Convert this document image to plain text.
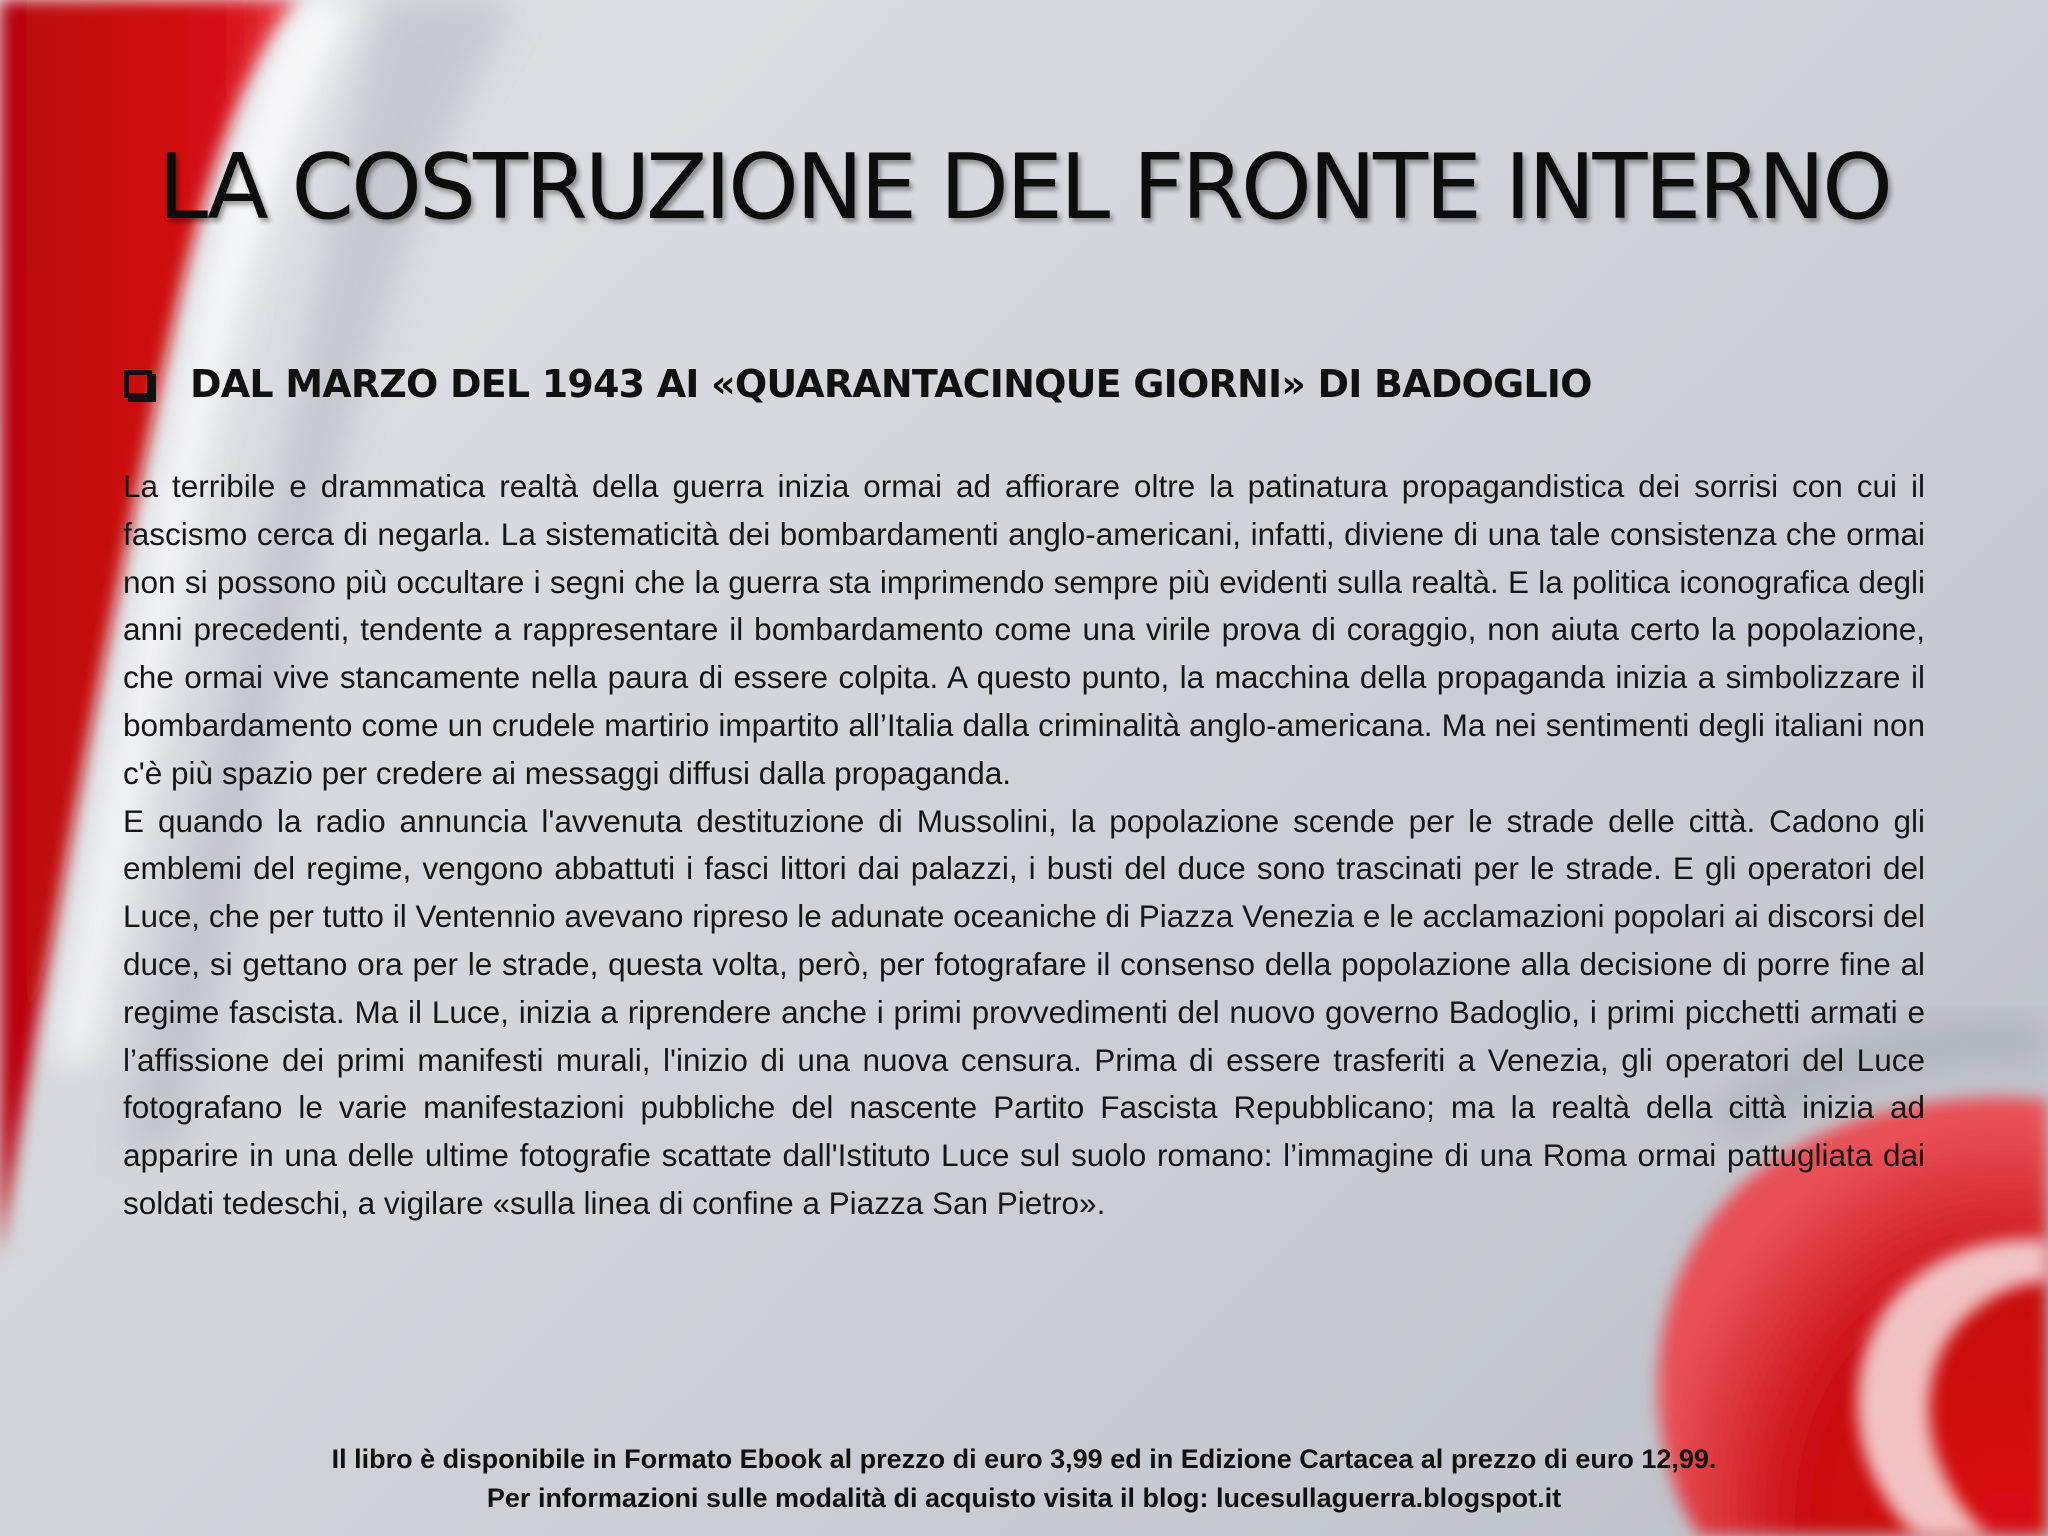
LA COSTRUZIONE DEL FRONTE INTERNO
DAL MARZO DEL 1943 AI «QUARANTACINQUE GIORNI» DI BADOGLIO

La terribile e drammatica realtà della guerra inizia ormai ad affiorare oltre la patinatura propagandistica dei sorrisi con cui il fascismo cerca di negarla. La sistematicità dei bombardamenti anglo-americani, infatti, diviene di una tale consistenza che ormai non si possono più occultare i segni che la guerra sta imprimendo sempre più evidenti sulla realtà. E la politica iconografica degli anni precedenti, tendente a rappresentare il bombardamento come una virile prova di coraggio, non aiuta certo la popolazione, che ormai vive stancamente nella paura di essere colpita. A questo punto, la macchina della propaganda inizia a simbolizzare il bombardamento come un crudele martirio impartito all’Italia dalla criminalità anglo-americana. Ma nei sentimenti degli italiani non c'è più spazio per credere ai messaggi diffusi dalla propaganda.

E quando la radio annuncia l'avvenuta destituzione di Mussolini, la popolazione scende per le strade delle città. Cadono gli emblemi del regime, vengono abbattuti i fasci littori dai palazzi, i busti del duce sono trascinati per le strade. E gli operatori del Luce, che per tutto il Ventennio avevano ripreso le adunate oceaniche di Piazza Venezia e le acclamazioni popolari ai discorsi del duce, si gettano ora per le strade, questa volta, però, per fotografare il consenso della popolazione alla decisione di porre fine al regime fascista. Ma il Luce, inizia a riprendere anche i primi provvedimenti del nuovo governo Badoglio, i primi picchetti armati e l’affissione dei primi manifesti murali, l'inizio di una nuova censura. Prima di essere trasferiti a Venezia, gli operatori del Luce fotografano le varie manifestazioni pubbliche del nascente Partito Fascista Repubblicano; ma la realtà della città inizia ad apparire in una delle ultime fotografie scattate dall'Istituto Luce sul suolo romano: l’immagine di una Roma ormai pattugliata dai soldati tedeschi, a vigilare «sulla linea di confine a Piazza San Pietro».

Il libro è disponibile in Formato Ebook al prezzo di euro 3,99 ed in Edizione Cartacea al prezzo di euro 12,99.
Per informazioni sulle modalità di acquisto visita il blog: lucesullaguerra.blogspot.it
